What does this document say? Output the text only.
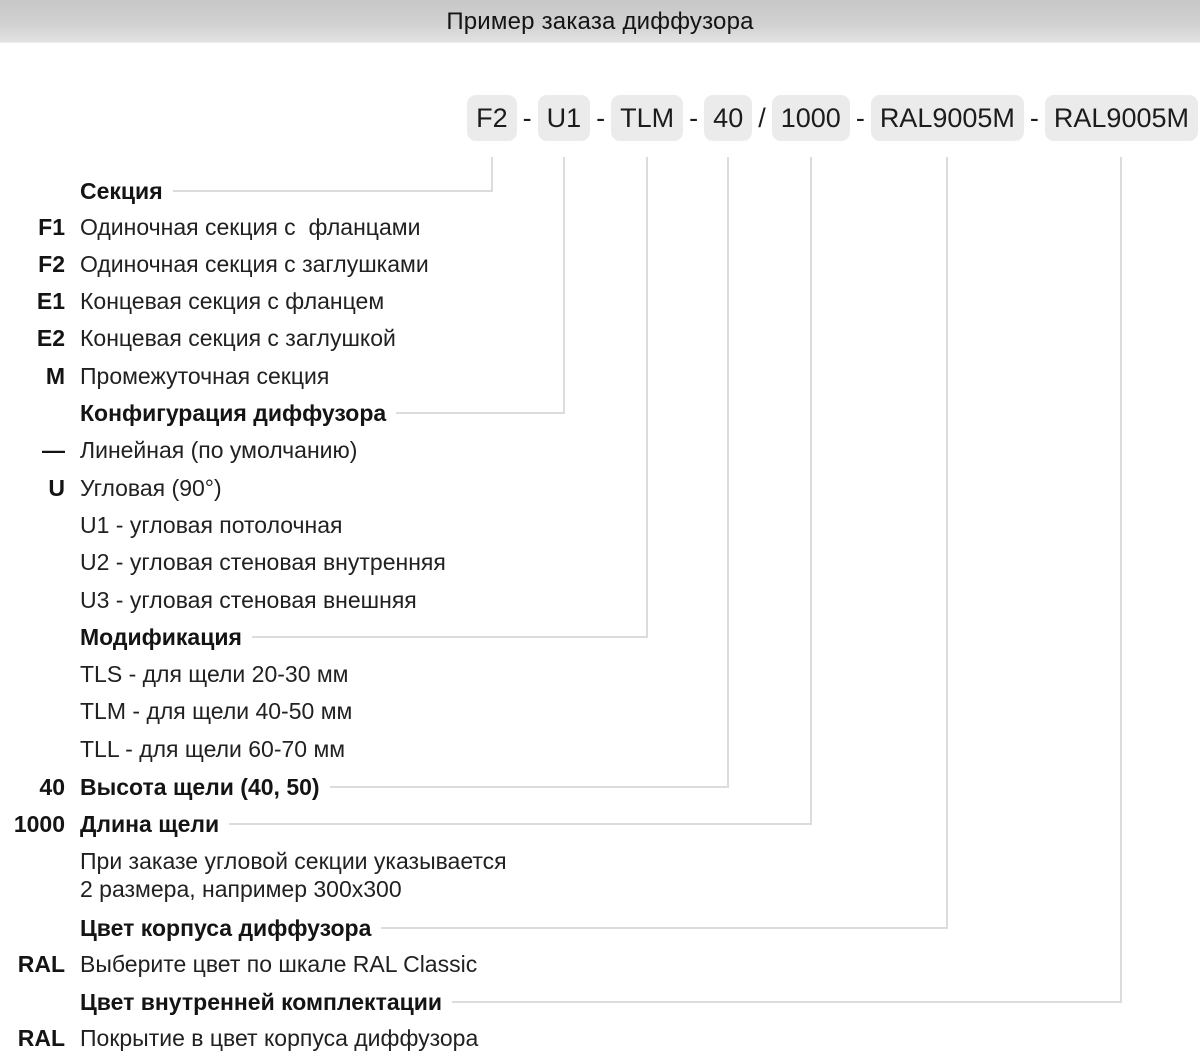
Пример заказа диффузора
F2 - U1 - TLM - 40 / 1000 - RAL9005M - RAL9005M
Секция
F1 Одиночная секция с  фланцами
F2 Одиночная секция с заглушками
E1 Концевая секция с фланцем
E2 Концевая секция с заглушкой
M Промежуточная секция
Конфигурация диффузора
— Линейная (по умолчанию)
U Угловая (90°)
U1 - угловая потолочная
U2 - угловая стеновая внутренняя
U3 - угловая стеновая внешняя
Модификация
TLS - для щели 20-30 мм
TLM - для щели 40-50 мм
TLL - для щели 60-70 мм
40 Высота щели (40, 50)
1000 Длина щели
При заказе угловой секции указывается
2 размера, например 300x300
Цвет корпуса диффузора
RAL Выберите цвет по шкале RAL Classic
Цвет внутренней комплектации
RAL Покрытие в цвет корпуса диффузора
